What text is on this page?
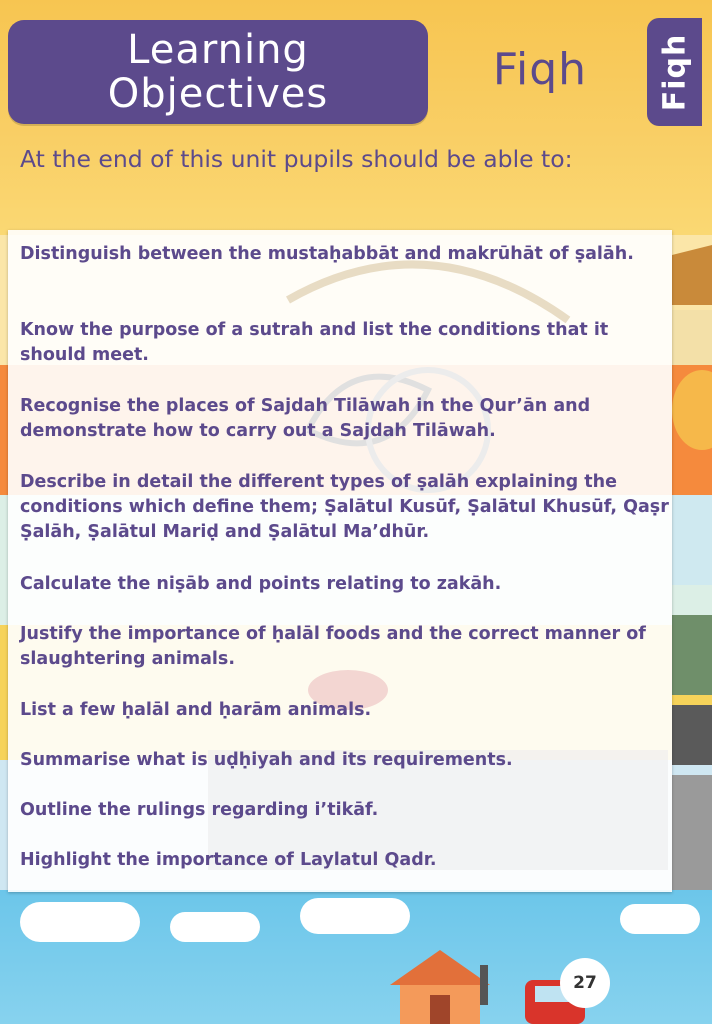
Learning
Objectives	Fiqh	Fiqh
At the end of this unit pupils should be able to:
Distinguish between the mustaḥabbāt and makrūhāt of ṣalāh.
Know the purpose of a sutrah and list the conditions that it should meet.
Recognise the places of Sajdah Tilāwah in the Qur’ān and demonstrate how to carry out a Sajdah Tilāwah.
Describe in detail the different types of ṣalāh explaining the conditions which define them; Ṣalātul Kusūf, Ṣalātul Khusūf, Qaṣr Ṣalāh, Ṣalātul Mariḍ and Ṣalātul Ma’dhūr.
Calculate the niṣāb and points relating to zakāh.
Justify the importance of ḥalāl foods and the correct manner of slaughtering animals.
List a few ḥalāl and ḥarām animals.
Summarise what is uḍḥiyah and its requirements.
Outline the rulings regarding i’tikāf.
Highlight the importance of Laylatul Qadr.
27
